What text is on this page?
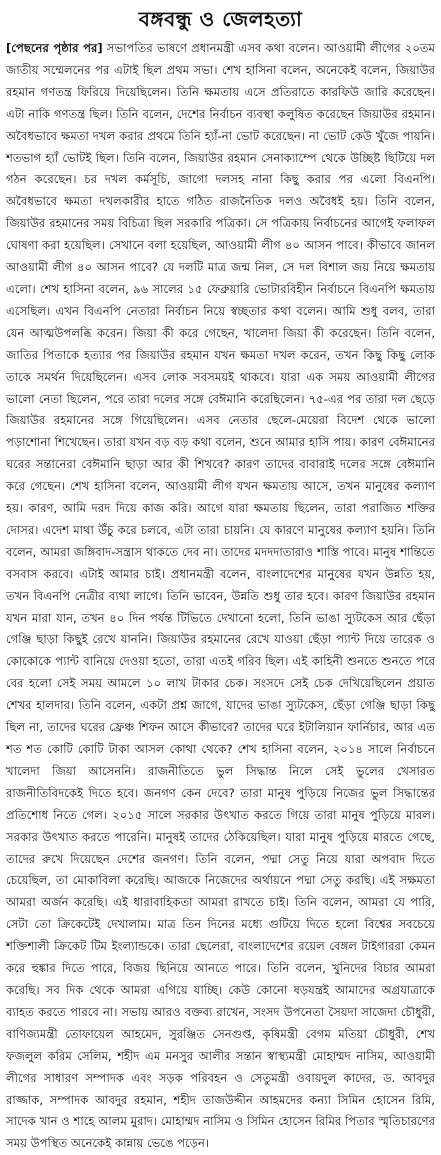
বঙ্গবন্ধু ও জেলহত্যা

[পেছনের পৃষ্ঠার পর] সভাপতির ভাষণে প্রধানমন্ত্রী এসব কথা বলেন। আওয়ামী লীগের ২০তম জাতীয় সম্মেলনের পর এটাই ছিল প্রথম সভা। শেখ হাসিনা বলেন, অনেকেই বলেন, জিয়াউর রহমান গণতন্ত্র ফিরিয়ে দিয়েছিলেন। তিনি ক্ষমতায় এসে প্রতিরাতে কারফিউ জারি করেছেন। এটা নাকি গণতন্ত্র ছিল। তিনি বলেন, দেশের নির্বাচন ব্যবস্থা কলুষিত করেছেন জিয়াউর রহমান। অবৈধভাবে ক্ষমতা দখল করার প্রথমে তিনি হ্যাঁ-না ভোট করেছেন। না ভোট কেউ খুঁজে পায়নি। শতভাগ হ্যাঁ ভোটই ছিল। তিনি বলেন, জিয়াউর রহমান সেনাক্যাম্পে থেকে উচ্ছিষ্ট ছিটিয়ে দল গঠন করেছেন। চর দখল কর্মসূচি, জাগো দলসহ নানা কিছু করার পর এলো বিএনপি। অবৈধভাবে ক্ষমতা দখলকারীর হাতে গঠিত রাজনৈতিক দলও অবৈধই হয়। তিনি বলেন, জিয়াউর রহমানের সময় বিচিত্রা ছিল সরকারি পত্রিকা। সে পত্রিকায় নির্বাচনের আগেই ফলাফল ঘোষণা করা হয়েছিল। সেখানে বলা হয়েছিল, আওয়ামী লীগ ৪০ আসন পাবে। কীভাবে জানল আওয়ামী লীগ ৪০ আসন পাবে? যে দলটি মাত্র জন্ম নিল, সে দল বিশাল জয় নিয়ে ক্ষমতায় এলো। শেখ হাসিনা বলেন, ৯৬ সালের ১৫ ফেব্রুয়ারি ভোটারবিহীন নির্বাচনে বিএনপি ক্ষমতায় এসেছিল। এখন বিএনপি নেতারা নির্বাচন নিয়ে স্বচ্ছতার কথা বলেন। আমি শুধু বলব, তারা যেন আত্মউপলব্ধি করেন। জিয়া কী করে গেছেন, খালেদা জিয়া কী করেছেন। তিনি বলেন, জাতির পিতাকে হত্যার পর জিয়াউর রহমান যখন ক্ষমতা দখল করেন, তখন কিছু কিছু লোক তাকে সমর্থন দিয়েছিলেন। এসব লোক সবসময়ই থাকবে। যারা এক সময় আওয়ামী লীগের ভালো নেতা ছিলেন, পরে তারা দলের সঙ্গে বেঈমানি করেছিলেন। ৭৫-এর পর তারা দল ছেড়ে জিয়াউর রহমানের সঙ্গে গিয়েছিলেন। এসব নেতার ছেলে-মেয়েরা বিদেশ থেকে ভালো পড়াশোনা শিখেছেন। তারা যখন বড় বড় কথা বলেন, শুনে আমার হাসি পায়। কারণ বেঈমানের ঘরের সন্তানেরা বেঈমানি ছাড়া আর কী শিখবে? কারণ তাদের বাবারাই দলের সঙ্গে বেঈমানি করে গেছেন। শেখ হাসিনা বলেন, আওয়ামী লীগ যখন ক্ষমতায় আসে, তখন মানুষের কল্যাণ হয়। কারণ, আমি দরদ দিয়ে কাজ করি। আগে যারা ক্ষমতায় ছিলেন, তারা পরাজিত শক্তির দোসর। এদেশ মাথা উঁচু করে চলবে, এটা তারা চায়নি। যে কারণে মানুষের কল্যাণ হয়নি। তিনি বলেন, আমরা জঙ্গিবাদ-সন্ত্রাস থাকতে দেব না। তাদের মদদদাতারাও শাস্তি পাবে। মানুষ শান্তিতে বসবাস করবে। এটাই আমার চাই। প্রধানমন্ত্রী বলেন, বাংলাদেশের মানুষের যখন উন্নতি হয়, তখন বিএনপি নেত্রীর ব্যথা লাগে। তিনি ভাবেন, উন্নতি শুধু তার হবে। কারণ জিয়াউর রহমান যখন মারা যান, তখন ৪০ দিন পর্যন্ত টিভিতে দেখানো হলো, তিনি ভাঙা স্যুটকেস আর ছেঁড়া গেঞ্জি ছাড়া কিছুই রেখে যাননি। জিয়াউর রহমানের রেখে যাওয়া ছেঁড়া প্যান্ট দিয়ে তারেক ও কোকোকে প্যান্ট বানিয়ে দেওয়া হতো, তারা এতই গরিব ছিল। এই কাহিনী শুনতে শুনতে পরে বের হলো সেই সময় আমলে ১০ লাখ টাকার চেক। সংসদে সেই চেক দেখিয়েছিলেন প্রয়াত শেখর হালদার। তিনি বলেন, একটা প্রশ্ন জাগে, যাদের ভাঙা স্যুটকেস, ছেঁড়া গেঞ্জি ছাড়া কিছু ছিল না, তাদের ঘরের ফ্রেঞ্চ শিফন আসে কীভাবে? তাদের ঘরে ইটালিয়ান ফার্নিচার, আর এত শত শত কোটি কোটি টাকা আসল কোথা থেকে? শেখ হাসিনা বলেন, ২০১৪ সালে নির্বাচনে খালেদা জিয়া আসেননি। রাজনীতিতে ভুল সিদ্ধান্ত নিলে সেই ভুলের খেসারত রাজনীতিবিদকেই দিতে হবে। জনগণ কেন দেবে? তারা মানুষ পুড়িয়ে নিজের ভুল সিদ্ধান্তের প্রতিশোধ নিতে গেল। ২০১৫ সালে সরকার উৎখাত করতে গিয়ে তারা মানুষ পুড়িয়ে মারল। সরকার উৎখাত করতে পারেনি। মানুষই তাদের ঠেকিয়েছিল। যারা মানুষ পুড়িয়ে মারতে গেছে, তাদের রুখে দিয়েছেন দেশের জনগণ। তিনি বলেন, পদ্মা সেতু নিয়ে যারা অপবাদ দিতে চেয়েছিল, তা মোকাবিলা করেছি। আজকে নিজেদের অর্থায়নে পদ্মা সেতু করছি। এই সক্ষমতা আমরা অর্জন করেছি। এই ধারাবাহিকতা আমরা রাখতে চাই। তিনি বলেন, আমরা যে পারি, সেটা তো ক্রিকেটেই দেখালাম। মাত্র তিন দিনের মধ্যে গুটিয়ে দিতে হলো বিশ্বের সবচেয়ে শক্তিশালী ক্রিকেট টিম ইংল্যান্ডকে। তারা ছেলেরা, বাংলাদেশের রয়েল বেঙ্গল টাইগাররা কেমন করে হুঙ্কার দিতে পারে, বিজয় ছিনিয়ে আনতে পারে। তিনি বলেন, খুনিদের বিচার আমরা করেছি। সব দিক থেকে আমরা এগিয়ে যাচ্ছি। কেউ কোনো ষড়যন্ত্রই আমাদের অগ্রযাত্রাকে ব্যাহত করতে পারবে না। সভায় আরও বক্তব্য রাখেন, সংসদ উপনেতা সৈয়দা সাজেদা চৌধুরী, বাণিজ্যমন্ত্রী তোফায়েল আহমেদ, সুরঞ্জিত সেনগুপ্ত, কৃষিমন্ত্রী বেগম মতিয়া চৌধুরী, শেখ ফজলুল করিম সেলিম, শহীদ এম মনসুর আলীর সন্তান স্বাস্থ্যমন্ত্রী মোহাম্মদ নাসিম, আওয়ামী লীগের সাধারণ সম্পাদক এবং সড়ক পরিবহন ও সেতুমন্ত্রী ওবায়দুল কাদের, ড. আবদুর রাজ্জাক, সম্পাদক আবদুর রহমান, শহীদ তাজউদ্দীন আহমদের কন্যা সিমিন হোসেন রিমি, সাদেক খান ও শাহে আলম মুরাদ। মোহাম্মদ নাসিম ও সিমিন হোসেন রিমির পিতার স্মৃতিচারণের সময় উপস্থিত অনেকেই কান্নায় ভেঙে পড়েন।
